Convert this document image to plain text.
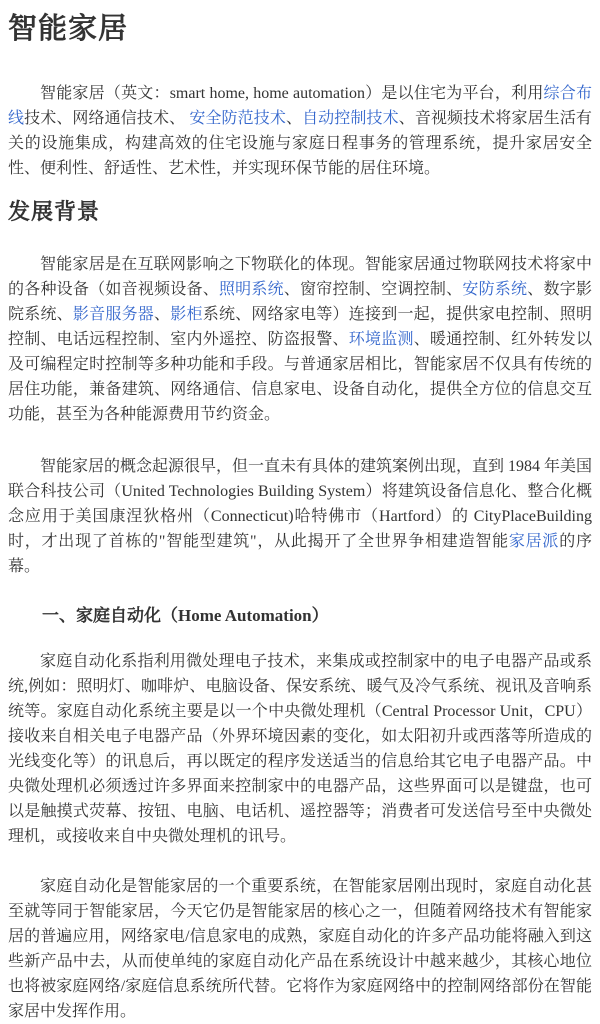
智能家居

智能家居（英文：smart home, home automation）是以住宅为平台，利用综合布线技术、网络通信技术、 安全防范技术、自动控制技术、音视频技术将家居生活有关的设施集成，构建高效的住宅设施与家庭日程事务的管理系统，提升家居安全性、便利性、舒适性、艺术性，并实现环保节能的居住环境。

发展背景

智能家居是在互联网影响之下物联化的体现。智能家居通过物联网技术将家中的各种设备（如音视频设备、照明系统、窗帘控制、空调控制、安防系统、数字影院系统、影音服务器、影柜系统、网络家电等）连接到一起，提供家电控制、照明控制、电话远程控制、室内外遥控、防盗报警、环境监测、暖通控制、红外转发以及可编程定时控制等多种功能和手段。与普通家居相比，智能家居不仅具有传统的居住功能，兼备建筑、网络通信、信息家电、设备自动化，提供全方位的信息交互功能，甚至为各种能源费用节约资金。

智能家居的概念起源很早，但一直未有具体的建筑案例出现，直到 1984 年美国联合科技公司（United Technologies Building System）将建筑设备信息化、整合化概念应用于美国康涅狄格州（Connecticut)哈特佛市（Hartford）的 CityPlaceBuilding 时，才出现了首栋的"智能型建筑"，从此揭开了全世界争相建造智能家居派的序幕。

一、家庭自动化（Home Automation）

家庭自动化系指利用微处理电子技术，来集成或控制家中的电子电器产品或系统,例如：照明灯、咖啡炉、电脑设备、保安系统、暖气及冷气系统、视讯及音响系统等。家庭自动化系统主要是以一个中央微处理机（Central Processor Unit，CPU）接收来自相关电子电器产品（外界环境因素的变化，如太阳初升或西落等所造成的光线变化等）的讯息后，再以既定的程序发送适当的信息给其它电子电器产品。中央微处理机必须透过许多界面来控制家中的电器产品，这些界面可以是键盘，也可以是触摸式荧幕、按钮、电脑、电话机、遥控器等；消费者可发送信号至中央微处理机，或接收来自中央微处理机的讯号。

家庭自动化是智能家居的一个重要系统，在智能家居刚出现时，家庭自动化甚至就等同于智能家居，今天它仍是智能家居的核心之一，但随着网络技术有智能家居的普遍应用，网络家电/信息家电的成熟，家庭自动化的许多产品功能将融入到这些新产品中去，从而使单纯的家庭自动化产品在系统设计中越来越少，其核心地位也将被家庭网络/家庭信息系统所代替。它将作为家庭网络中的控制网络部份在智能家居中发挥作用。
